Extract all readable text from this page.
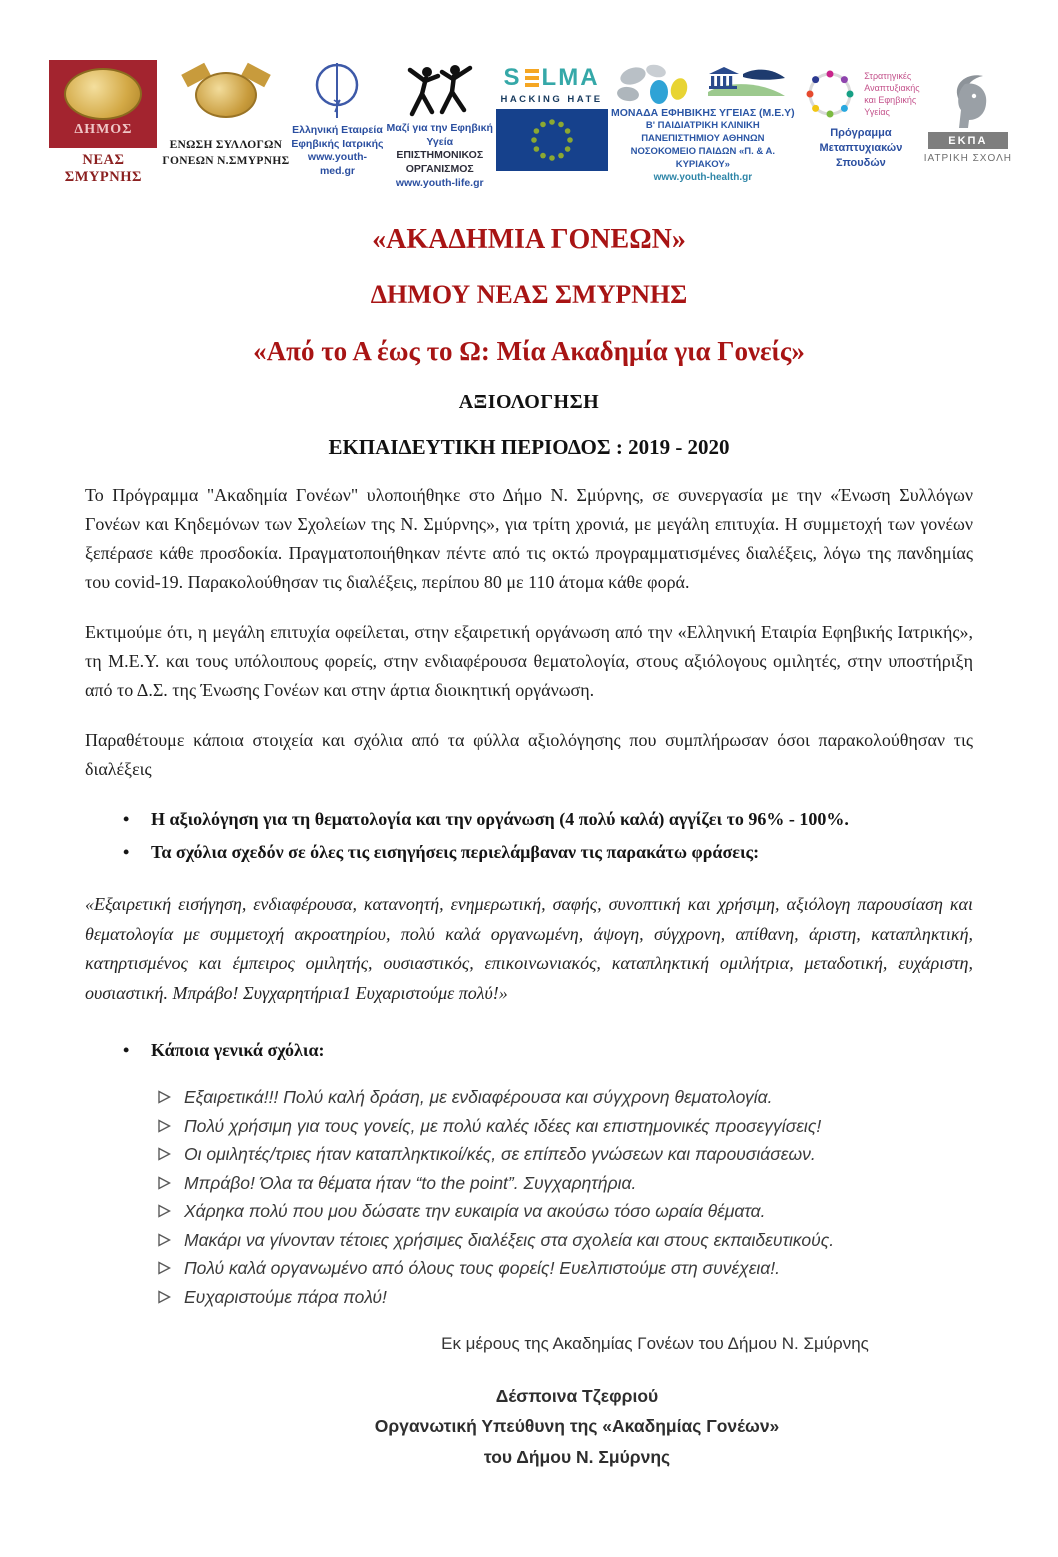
ΔΗΜΟΣ
ΝΕΑΣ ΣΜΥΡΝΗΣ
ΕΝΩΣΗ ΣΥΛΛΟΓΩΝ
ΓΟΝΕΩΝ Ν.ΣΜΥΡΝΗΣ
Ελληνική Εταιρεία
Εφηβικής Ιατρικής
www.youth-med.gr
Μαζί για την Εφηβική Υγεία
ΕΠΙΣΤΗΜΟΝΙΚΟΣ ΟΡΓΑΝΙΣΜΟΣ
www.youth-life.gr
S LMA
HACKING HATE
ΜΟΝΑΔΑ ΕΦΗΒΙΚΗΣ ΥΓΕΙΑΣ (Μ.Ε.Υ)
Β' ΠΑΙΔΙΑΤΡΙΚΗ ΚΛΙΝΙΚΗ ΠΑΝΕΠΙΣΤΗΜΙΟΥ ΑΘΗΝΩΝ
ΝΟΣΟΚΟΜΕΙΟ ΠΑΙΔΩΝ «Π. & Α. ΚΥΡΙΑΚΟΥ»
www.youth-health.gr
Στρατηγικές
Αναπτυξιακής
και Εφηβικής
Υγείας
Πρόγραμμα Μεταπτυχιακών
Σπουδών
ΕΚΠΑ
ΙΑΤΡΙΚΗ ΣΧΟΛΗ
«ΑΚΑΔΗΜΙΑ ΓΟΝΕΩΝ»
ΔΗΜΟΥ ΝΕΑΣ ΣΜΥΡΝΗΣ
«Από το Α έως το Ω: Μία Ακαδημία για Γονείς»
ΑΞΙΟΛΟΓΗΣΗ
ΕΚΠΑΙΔΕΥΤΙΚΗ ΠΕΡΙΟΔΟΣ : 2019 - 2020

Το Πρόγραμμα "Ακαδημία Γονέων" υλοποιήθηκε στο Δήμο Ν. Σμύρνης, σε συνεργασία με την «Ένωση Συλλόγων Γονέων και Κηδεμόνων των Σχολείων της Ν. Σμύρνης», για τρίτη χρονιά, με μεγάλη επιτυχία. Η συμμετοχή των γονέων ξεπέρασε κάθε προσδοκία. Πραγματοποιήθηκαν πέντε από τις οκτώ προγραμματισμένες διαλέξεις, λόγω της πανδημίας του covid-19. Παρακολούθησαν τις διαλέξεις, περίπου 80 με 110 άτομα κάθε φορά.

Εκτιμούμε ότι, η μεγάλη επιτυχία οφείλεται, στην εξαιρετική οργάνωση από την «Ελληνική Εταιρία Εφηβικής Ιατρικής», τη Μ.Ε.Υ. και τους υπόλοιπους φορείς, στην ενδιαφέρουσα θεματολογία, στους αξιόλογους ομιλητές, στην υποστήριξη από το Δ.Σ. της Ένωσης Γονέων και στην άρτια διοικητική οργάνωση.

Παραθέτουμε κάποια στοιχεία και σχόλια από τα φύλλα αξιολόγησης που συμπλήρωσαν όσοι παρακολούθησαν τις διαλέξεις

•	Η αξιολόγηση για τη θεματολογία και την οργάνωση (4 πολύ καλά) αγγίζει το 96% - 100%.
•	Τα σχόλια σχεδόν σε όλες τις εισηγήσεις περιελάμβαναν τις παρακάτω φράσεις:

«Εξαιρετική εισήγηση, ενδιαφέρουσα, κατανοητή, ενημερωτική, σαφής, συνοπτική και χρήσιμη, αξιόλογη παρουσίαση και θεματολογία με συμμετοχή ακροατηρίου, πολύ καλά οργανωμένη, άψογη, σύγχρονη, απίθανη, άριστη, καταπληκτική, κατηρτισμένος και έμπειρος ομιλητής, ουσιαστικός, επικοινωνιακός, καταπληκτική ομιλήτρια, μεταδοτική, ευχάριστη, ουσιαστική. Μπράβο! Συγχαρητήρια1 Ευχαριστούμε πολύ!»

•	Κάποια γενικά σχόλια:
Εξαιρετικά!!! Πολύ καλή δράση, με ενδιαφέρουσα και σύγχρονη θεματολογία.
Πολύ χρήσιμη για τους γονείς, με πολύ καλές ιδέες και επιστημονικές προσεγγίσεις!
Οι ομιλητές/τριες ήταν καταπληκτικοί/κές, σε επίπεδο γνώσεων και παρουσιάσεων.
Μπράβο! Όλα τα θέματα ήταν “to the point”. Συγχαρητήρια.
Χάρηκα πολύ που μου δώσατε την ευκαιρία να ακούσω τόσο ωραία θέματα.
Μακάρι να γίνονταν τέτοιες χρήσιμες διαλέξεις στα σχολεία και στους εκπαιδευτικούς.
Πολύ καλά οργανωμένο από όλους τους φορείς! Ευελπιστούμε στη συνέχεια!.
Ευχαριστούμε πάρα πολύ!

Εκ μέρους της Ακαδημίας Γονέων του Δήμου Ν. Σμύρνης

Δέσποινα Τζεφριού
Οργανωτική Υπεύθυνη της «Ακαδημίας Γονέων»
του Δήμου Ν. Σμύρνης
